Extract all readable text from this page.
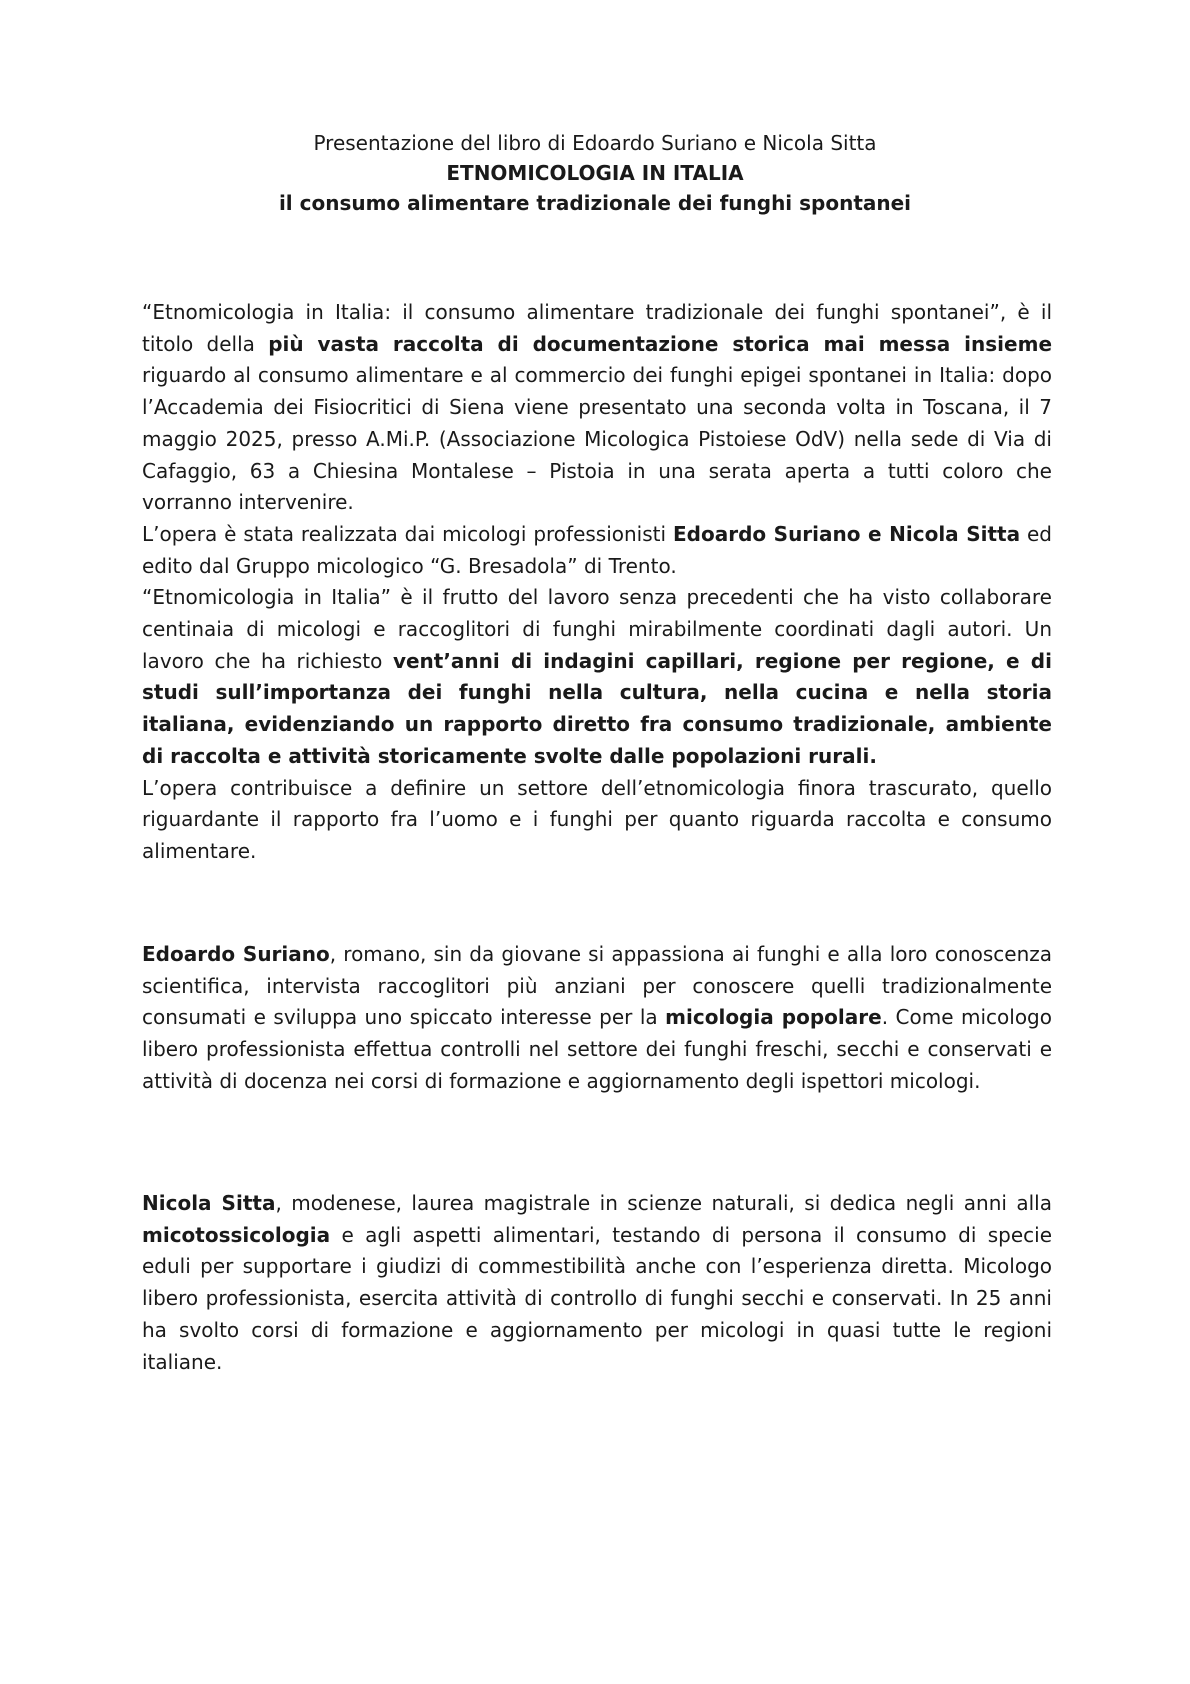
Presentazione del libro di Edoardo Suriano e Nicola Sitta
ETNOMICOLOGIA IN ITALIA
il consumo alimentare tradizionale dei funghi spontanei

“Etnomicologia in Italia: il consumo alimentare tradizionale dei funghi spontanei”, è il titolo della più vasta raccolta di documentazione storica mai messa insieme riguardo al consumo alimentare e al commercio dei funghi epigei spontanei in Italia: dopo l’Accademia dei Fisiocritici di Siena viene presentato una seconda volta in Toscana, il 7 maggio 2025, presso A.Mi.P. (Associazione Micologica Pistoiese OdV) nella sede di Via di Cafaggio, 63 a Chiesina Montalese – Pistoia in una serata aperta a tutti coloro che vorranno intervenire.

L’opera è stata realizzata dai micologi professionisti Edoardo Suriano e Nicola Sitta ed edito dal Gruppo micologico “G. Bresadola” di Trento.

“Etnomicologia in Italia” è il frutto del lavoro senza precedenti che ha visto collaborare centinaia di micologi e raccoglitori di funghi mirabilmente coordinati dagli autori. Un lavoro che ha richiesto vent’anni di indagini capillari, regione per regione, e di studi sull’importanza dei funghi nella cultura, nella cucina e nella storia italiana, evidenziando un rapporto diretto fra consumo tradizionale, ambiente di raccolta e attività storicamente svolte dalle popolazioni rurali.

L’opera contribuisce a definire un settore dell’etnomicologia finora trascurato, quello riguardante il rapporto fra l’uomo e i funghi per quanto riguarda raccolta e consumo alimentare.

Edoardo Suriano, romano, sin da giovane si appassiona ai funghi e alla loro conoscenza scientifica, intervista raccoglitori più anziani per conoscere quelli tradizionalmente consumati e sviluppa uno spiccato interesse per la micologia popolare. Come micologo libero professionista effettua controlli nel settore dei funghi freschi, secchi e conservati e attività di docenza nei corsi di formazione e aggiornamento degli ispettori micologi.

Nicola Sitta, modenese, laurea magistrale in scienze naturali, si dedica negli anni alla micotossicologia e agli aspetti alimentari, testando di persona il consumo di specie eduli per supportare i giudizi di commestibilità anche con l’esperienza diretta. Micologo libero professionista, esercita attività di controllo di funghi secchi e conservati. In 25 anni ha svolto corsi di formazione e aggiornamento per micologi in quasi tutte le regioni italiane.
